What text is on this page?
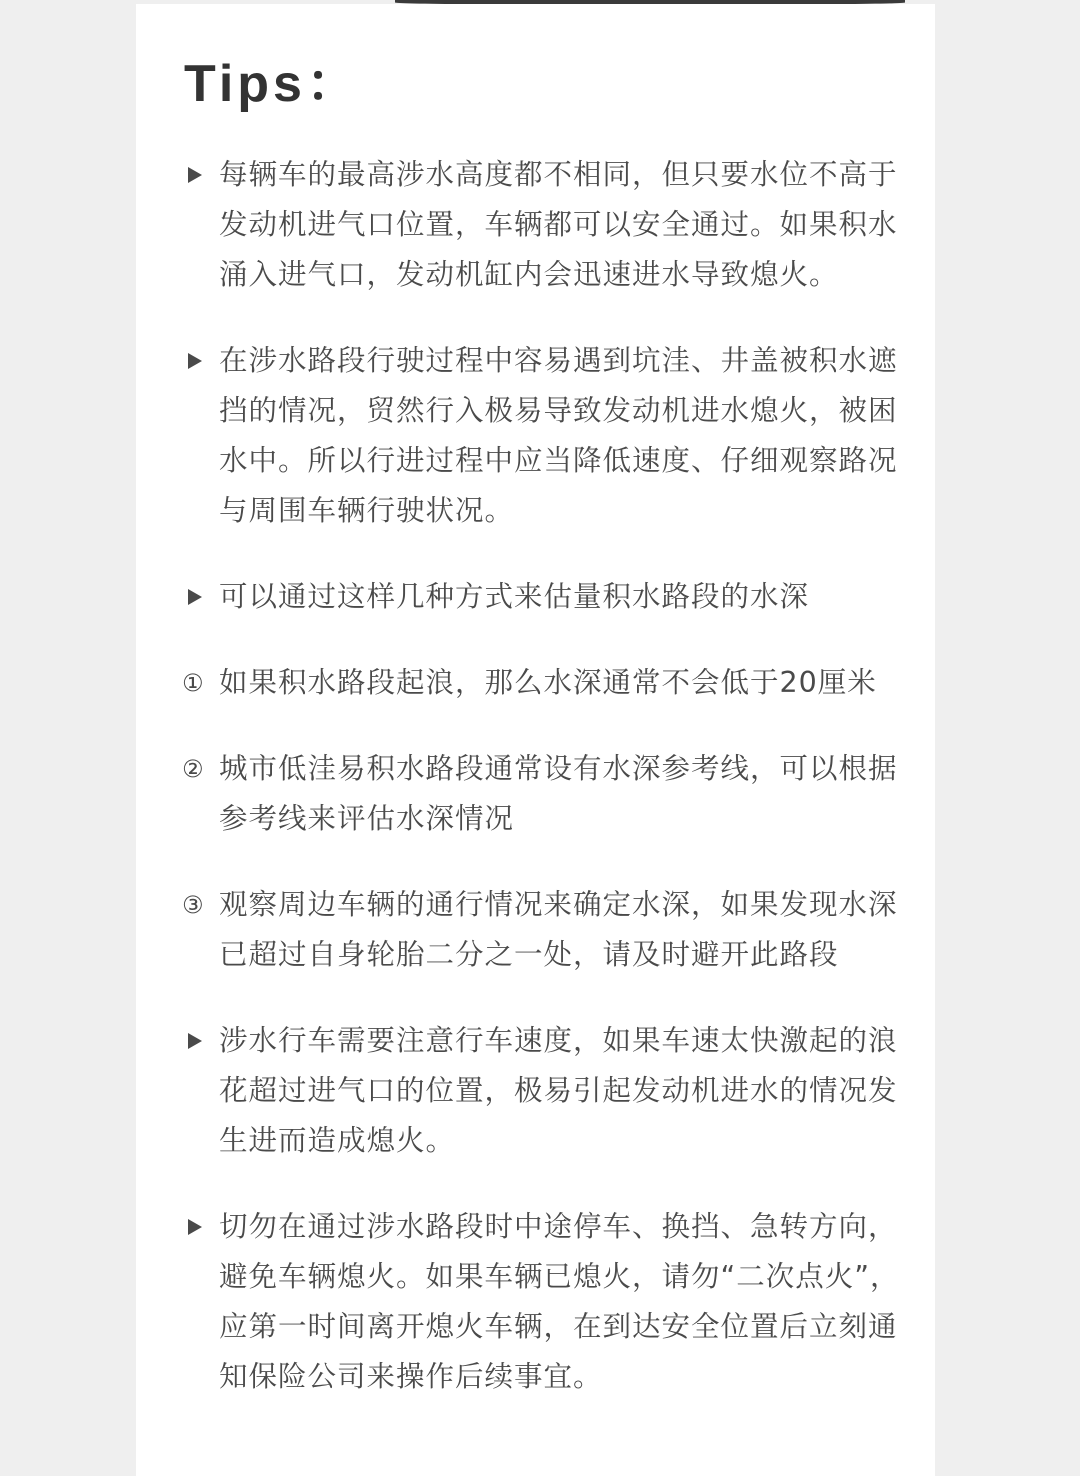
Tips：
每辆车的最高涉水高度都不相同，但只要水位不高于发动机进气口位置，车辆都可以安全通过。如果积水涌入进气口，发动机缸内会迅速进水导致熄火。
在涉水路段行驶过程中容易遇到坑洼、井盖被积水遮挡的情况，贸然行入极易导致发动机进水熄火，被困水中。所以行进过程中应当降低速度、仔细观察路况与周围车辆行驶状况。
可以通过这样几种方式来估量积水路段的水深
① 如果积水路段起浪，那么水深通常不会低于20厘米
② 城市低洼易积水路段通常设有水深参考线，可以根据参考线来评估水深情况
③ 观察周边车辆的通行情况来确定水深，如果发现水深已超过自身轮胎二分之一处，请及时避开此路段
涉水行车需要注意行车速度，如果车速太快激起的浪花超过进气口的位置，极易引起发动机进水的情况发生进而造成熄火。
切勿在通过涉水路段时中途停车、换挡、急转方向，避免车辆熄火。如果车辆已熄火，请勿“二次点火”，应第一时间离开熄火车辆，在到达安全位置后立刻通知保险公司来操作后续事宜。
